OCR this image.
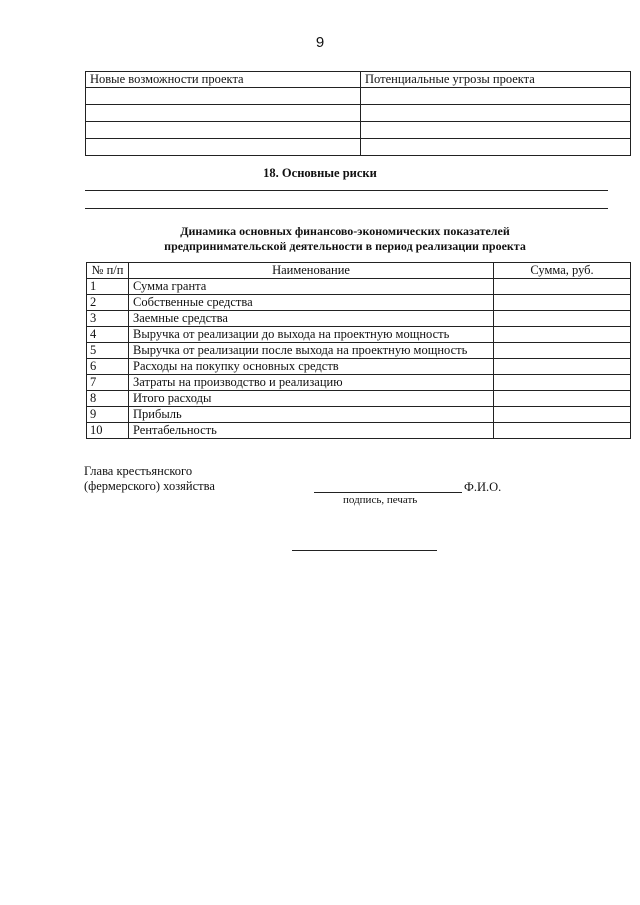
9
Новые возможности проекта	Потенциальные угрозы проекта

18. Основные риски
Динамика основных финансово-экономических показателей
предпринимательской деятельности в период реализации проекта
№ п/п	Наименование	Сумма, руб.
1	Сумма гранта	
2	Собственные средства	
3	Заемные средства	
4	Выручка от реализации до выхода на проектную мощность	
5	Выручка от реализации после выхода на проектную мощность	
6	Расходы на покупку основных средств	
7	Затраты на производство и реализацию	
8	Итого расходы	
9	Прибыль	
10	Рентабельность	
Глава крестьянского
(фермерского) хозяйства	Ф.И.О.
подпись, печать
